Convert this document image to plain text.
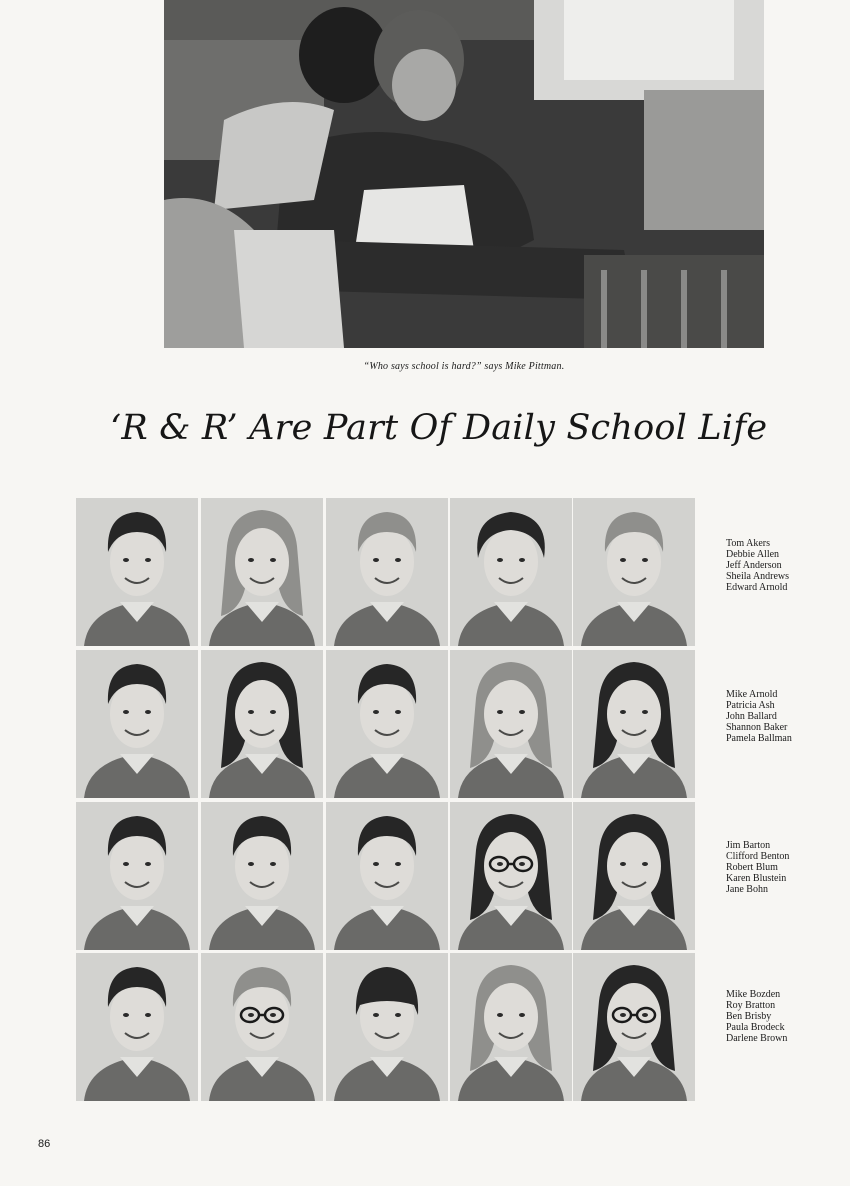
“Who says school is hard?” says Mike Pittman.
‘R & R’ Are Part Of Daily School Life
Tom Akers
Debbie Allen
Jeff Anderson
Sheila Andrews
Edward Arnold
Mike Arnold
Patricia Ash
John Ballard
Shannon Baker
Pamela Ballman
Jim Barton
Clifford Benton
Robert Blum
Karen Blustein
Jane Bohn
Mike Bozden
Roy Bratton
Ben Brisby
Paula Brodeck
Darlene Brown
86
